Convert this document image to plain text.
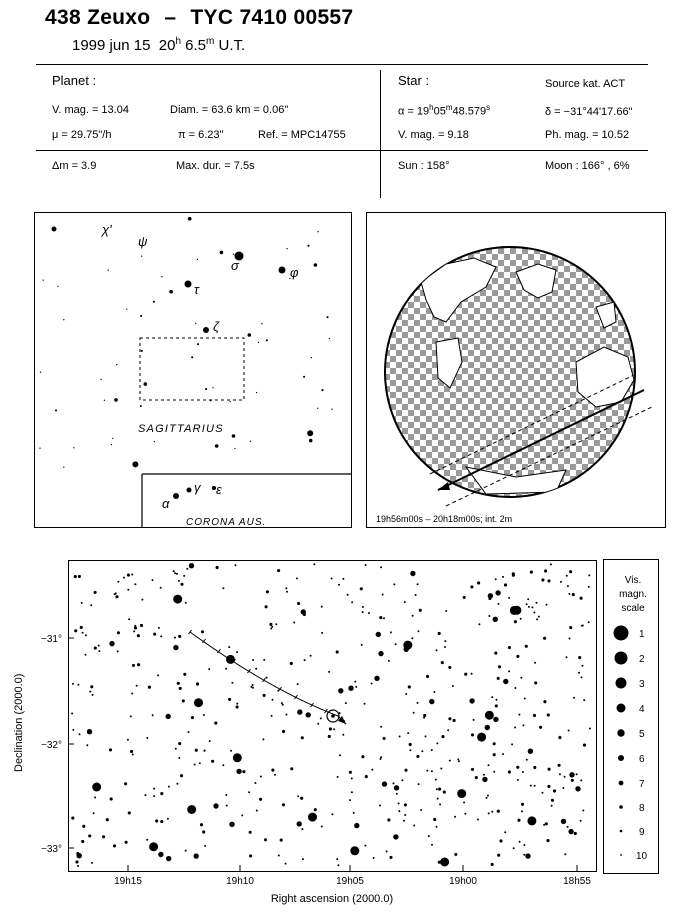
438 Zeuxo – TYC 7410 00557
1999 jun 15 20$^h$ 6.5$^m$ U.T.
Planet :
V. mag. = 13.04	Diam. = 63.6 km = 0.06"
μ = 29.75"/h	π = 6.23"	Ref. = MPC14755
Star :	Source kat. ACT
$\alpha = 19^h05^m48.579^s$	δ = −31°44'17.66"
V. mag. = 9.18	Ph. mag. = 10.52
Δm = 3.9	Max. dur. = 7.5s	Sun : 158°	Moon : 166° , 6%
χ'
ψ
σ	φ
τ
ζ
SAGITTARIUS
α
γ ε
CORONA AUS.	19h56m00s – 20h18m00s; int. 2m
Declination (2000.0)
−31°
−32°
−33°
19h15	19h10	19h05	19h00	18h55
Right ascension (2000.0)
Vis.
magn.
scale
1
2
3
4
5
6
7
8
9
10
